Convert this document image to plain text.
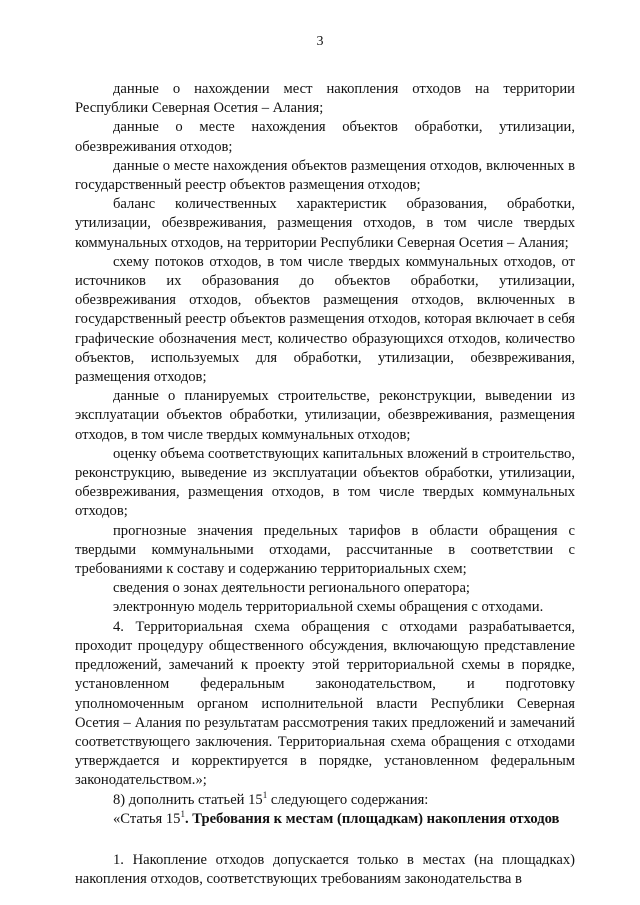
3

данные о нахождении мест накопления отходов на территории Республики Северная Осетия – Алания;

данные о месте нахождения объектов обработки, утилизации, обезвреживания отходов;

данные о месте нахождения объектов размещения отходов, включенных в государственный реестр объектов размещения отходов;

баланс количественных характеристик образования, обработки, утилизации, обезвреживания, размещения отходов, в том числе твердых коммунальных отходов, на территории Республики Северная Осетия – Алания;

схему потоков отходов, в том числе твердых коммунальных отходов, от источников их образования до объектов обработки, утилизации, обезвреживания отходов, объектов размещения отходов, включенных в государственный реестр объектов размещения отходов, которая включает в себя графические обозначения мест, количество образующихся отходов, количество объектов, используемых для обработки, утилизации, обезвреживания, размещения отходов;

данные о планируемых строительстве, реконструкции, выведении из эксплуатации объектов обработки, утилизации, обезвреживания, размещения отходов, в том числе твердых коммунальных отходов;

оценку объема соответствующих капитальных вложений в строительство, реконструкцию, выведение из эксплуатации объектов обработки, утилизации, обезвреживания, размещения отходов, в том числе твердых коммунальных отходов;

прогнозные значения предельных тарифов в области обращения с твердыми коммунальными отходами, рассчитанные в соответствии с требованиями к составу и содержанию территориальных схем;

сведения о зонах деятельности регионального оператора;

электронную модель территориальной схемы обращения с отходами.

4. Территориальная схема обращения с отходами разрабатывается, проходит процедуру общественного обсуждения, включающую представление предложений, замечаний к проекту этой территориальной схемы в порядке, установленном федеральным законодательством, и подготовку уполномоченным органом исполнительной власти Республики Северная Осетия – Алания по результатам рассмотрения таких предложений и замечаний соответствующего заключения. Территориальная схема обращения с отходами утверждается и корректируется в порядке, установленном федеральным законодательством.»;

8) дополнить статьей $15^1$ следующего содержания:

«Статья $15^1$. Требования к местам (площадкам) накопления отходов

1. Накопление отходов допускается только в местах (на площадках) накопления отходов, соответствующих требованиям законодательства в
